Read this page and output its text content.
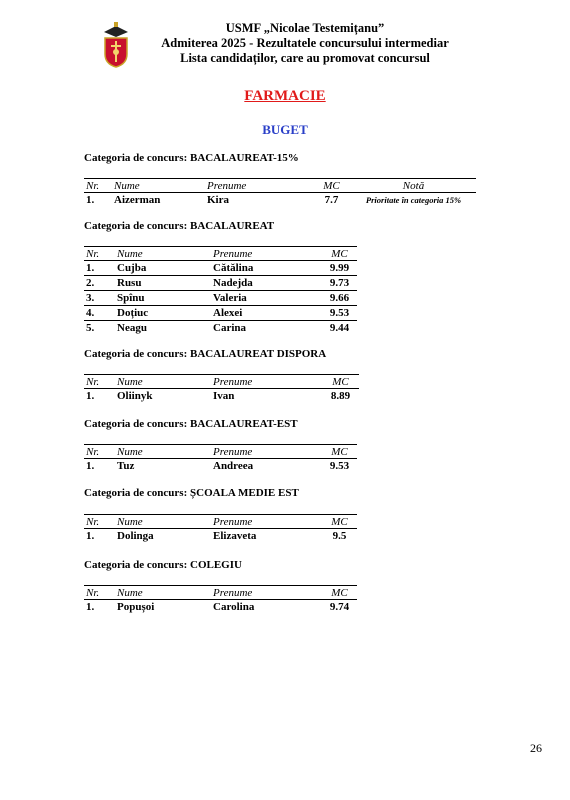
USMF „Nicolae Testemițanu”
Admiterea 2025 - Rezultatele concursului intermediar
Lista candidaților, care au promovat concursul
FARMACIE
BUGET
Categoria de concurs: BACALAUREAT-15%
Nr.	Nume	Prenume	MC	Notă
1.	Aizerman	Kira	7.7	Prioritate în categoria 15%
Categoria de concurs: BACALAUREAT
Nr.	Nume	Prenume	MC
1.	Cujba	Cătălina	9.99
2.	Rusu	Nadejda	9.73
3.	Spînu	Valeria	9.66
4.	Doțiuc	Alexei	9.53
5.	Neagu	Carina	9.44
Categoria de concurs: BACALAUREAT DISPORA
Nr.	Nume	Prenume	MC
1.	Oliinyk	Ivan	8.89
Categoria de concurs: BACALAUREAT-EST
Nr.	Nume	Prenume	MC
1.	Tuz	Andreea	9.53
Categoria de concurs: ȘCOALA MEDIE EST
Nr.	Nume	Prenume	MC
1.	Dolinga	Elizaveta	9.5
Categoria de concurs: COLEGIU
Nr.	Nume	Prenume	MC
1.	Popușoi	Carolina	9.74
26
